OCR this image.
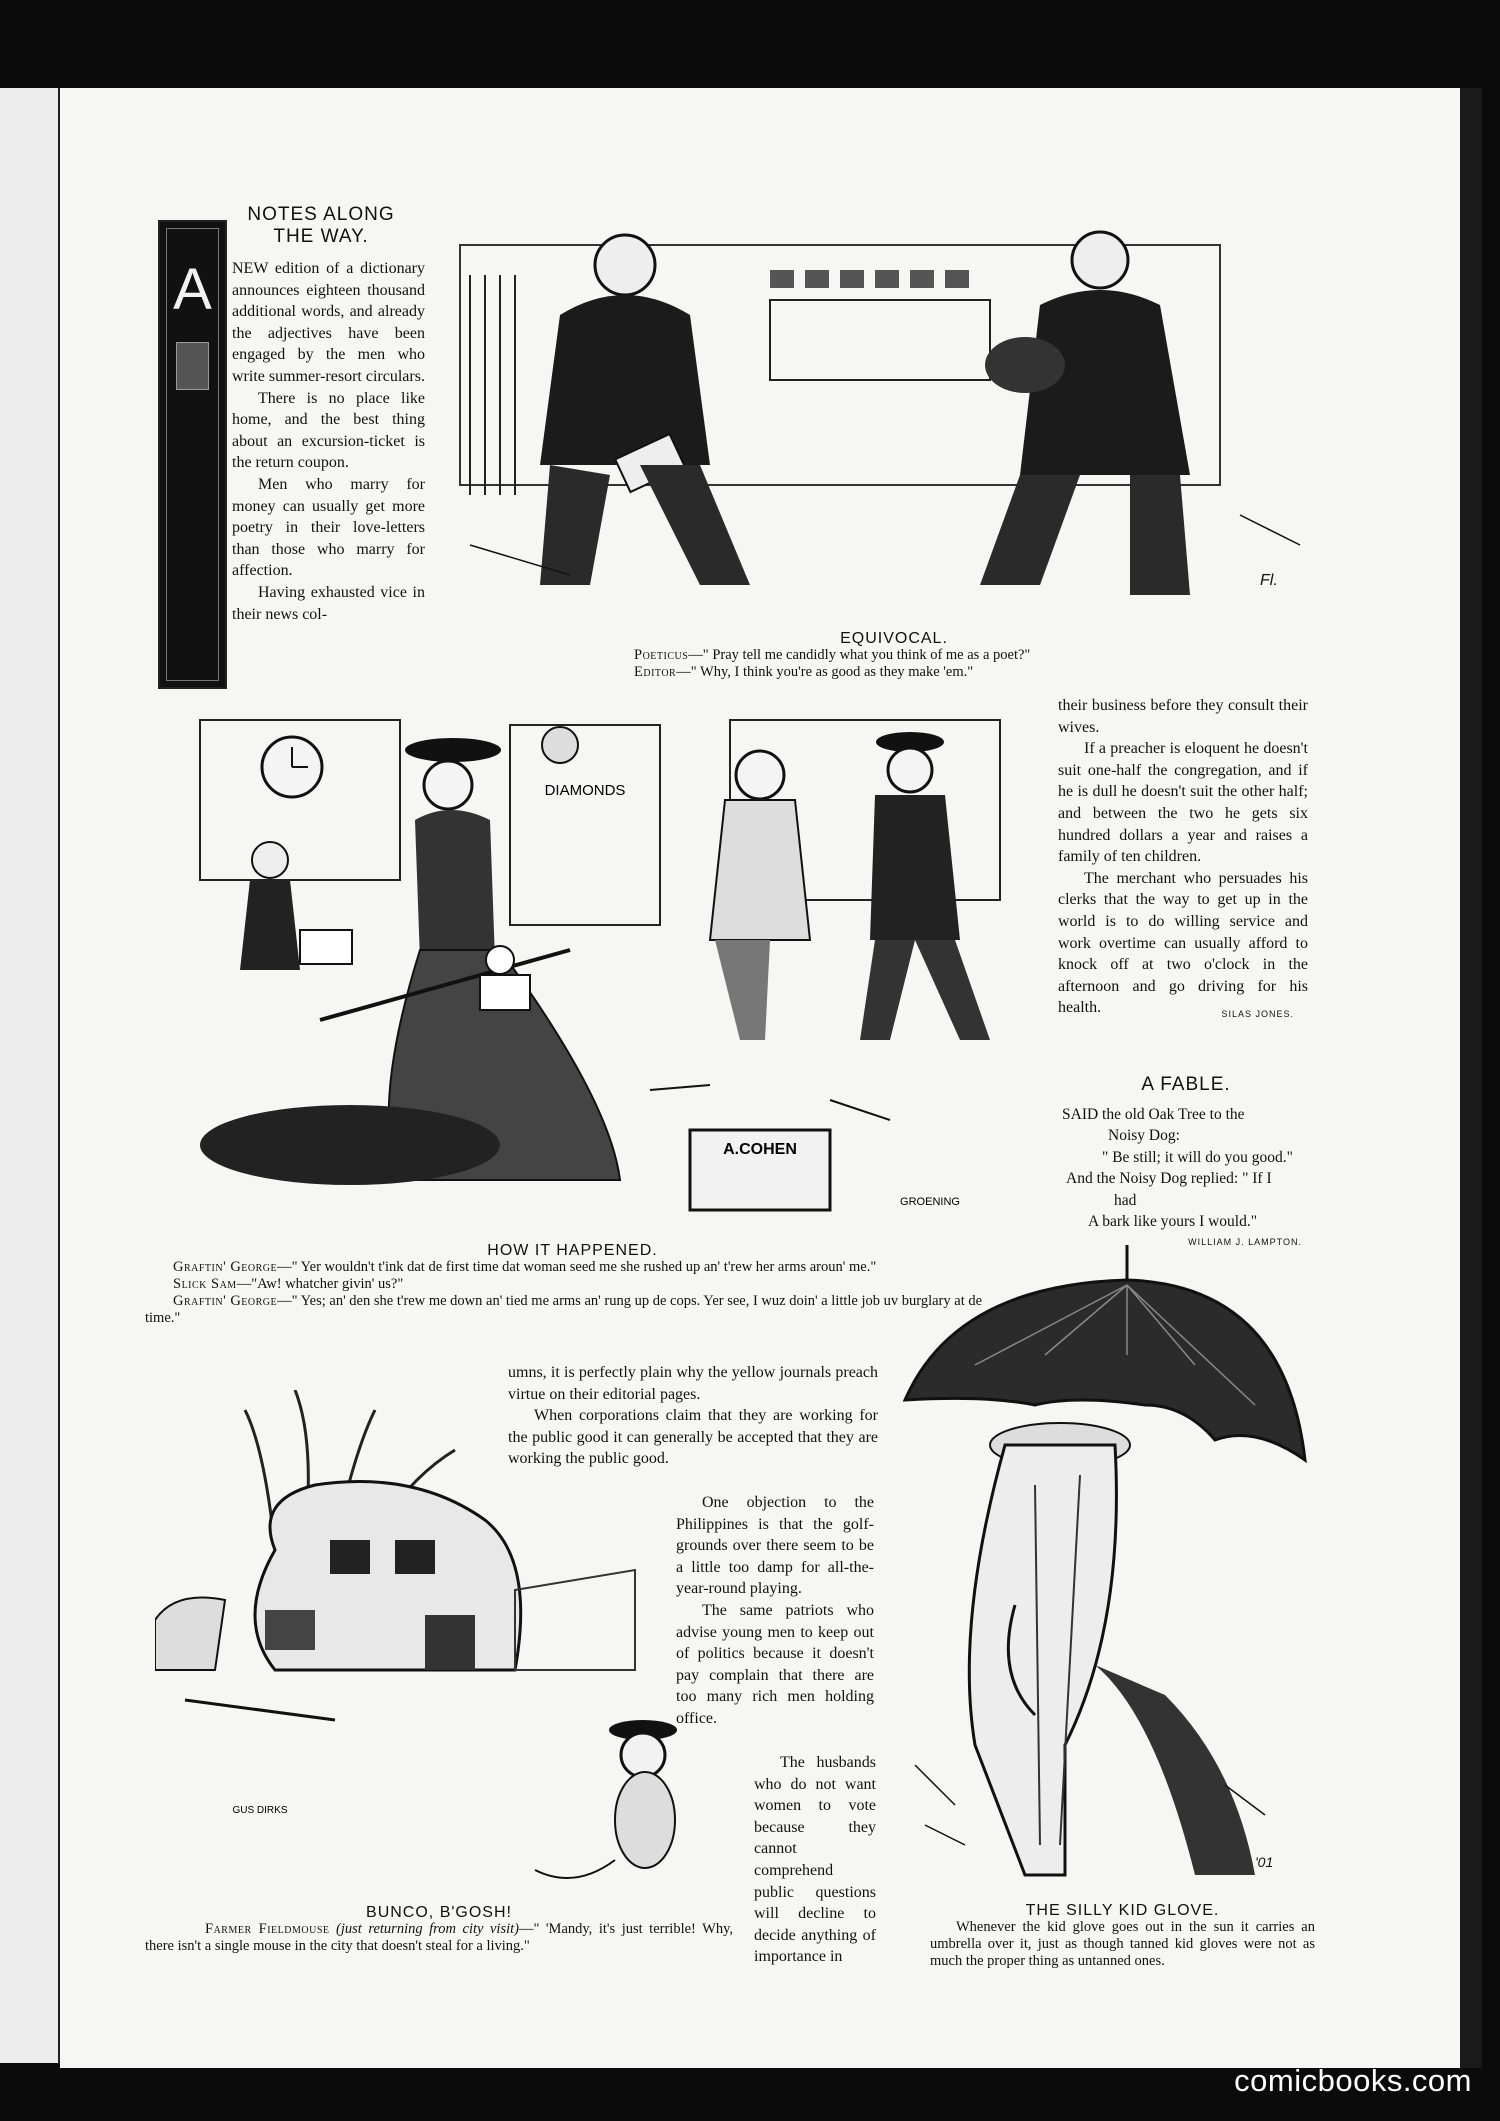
A
NOTES ALONG
THE WAY.

NEW edition of a dictionary announces eighteen thousand additional words, and already the adjectives have been engaged by the men who write summer-resort circulars.

There is no place like home, and the best thing about an excursion-ticket is the return coupon.

Men who marry for money can usually get more poetry in their love-letters than those who marry for affection.

Having exhausted vice in their news col-

Fl.
EQUIVOCAL.
Poeticus—" Pray tell me candidly what you think of me as a poet?"
Editor—" Why, I think you're as good as they make 'em."
DIAMONDS
A.COHEN
GROENING
HOW IT HAPPENED.
Graftin' George—" Yer wouldn't t'ink dat de first time dat woman seed me she rushed up an' t'rew her arms aroun' me."
Slick Sam—"Aw! whatcher givin' us?"
Graftin' George—" Yes; an' den she t'rew me down an' tied me arms an' rung up de cops. Yer see, I wuz doin' a little job uv burglary at de time."

their business before they consult their wives.

If a preacher is eloquent he doesn't suit one-half the congregation, and if he is dull he doesn't suit the other half; and between the two he gets six hundred dollars a year and raises a family of ten children.

The merchant who persuades his clerks that the way to get up in the world is to do willing service and work overtime can usually afford to knock off at two o'clock in the afternoon and go driving for his health.	SILAS JONES.
A FABLE.
SAID the old Oak Tree to the
Noisy Dog:
" Be still; it will do you good."
And the Noisy Dog replied: " If I
had
A bark like yours I would."
WILLIAM J. LAMPTON.

umns, it is perfectly plain why the yellow journals preach virtue on their editorial pages.

When corporations claim that they are working for the public good it can generally be accepted that they are working the public good.

One objection to the Philippines is that the golf-grounds over there seem to be a little too damp for all-the-year-round playing.

The same patriots who advise young men to keep out of politics because it doesn't pay complain that there are too many rich men holding office.

The husbands who do not want women to vote because they cannot comprehend public questions will decline to decide anything of importance in

GUS DIRKS
BUNCO, B'GOSH!
Farmer Fieldmouse (just returning from city visit)—" 'Mandy, it's just terrible! Why, there isn't a single mouse in the city that doesn't steal for a living."
'01
THE SILLY KID GLOVE.
Whenever the kid glove goes out in the sun it carries an umbrella over it, just as though tanned kid gloves were not as much the proper thing as untanned ones.
comicbooks.com
